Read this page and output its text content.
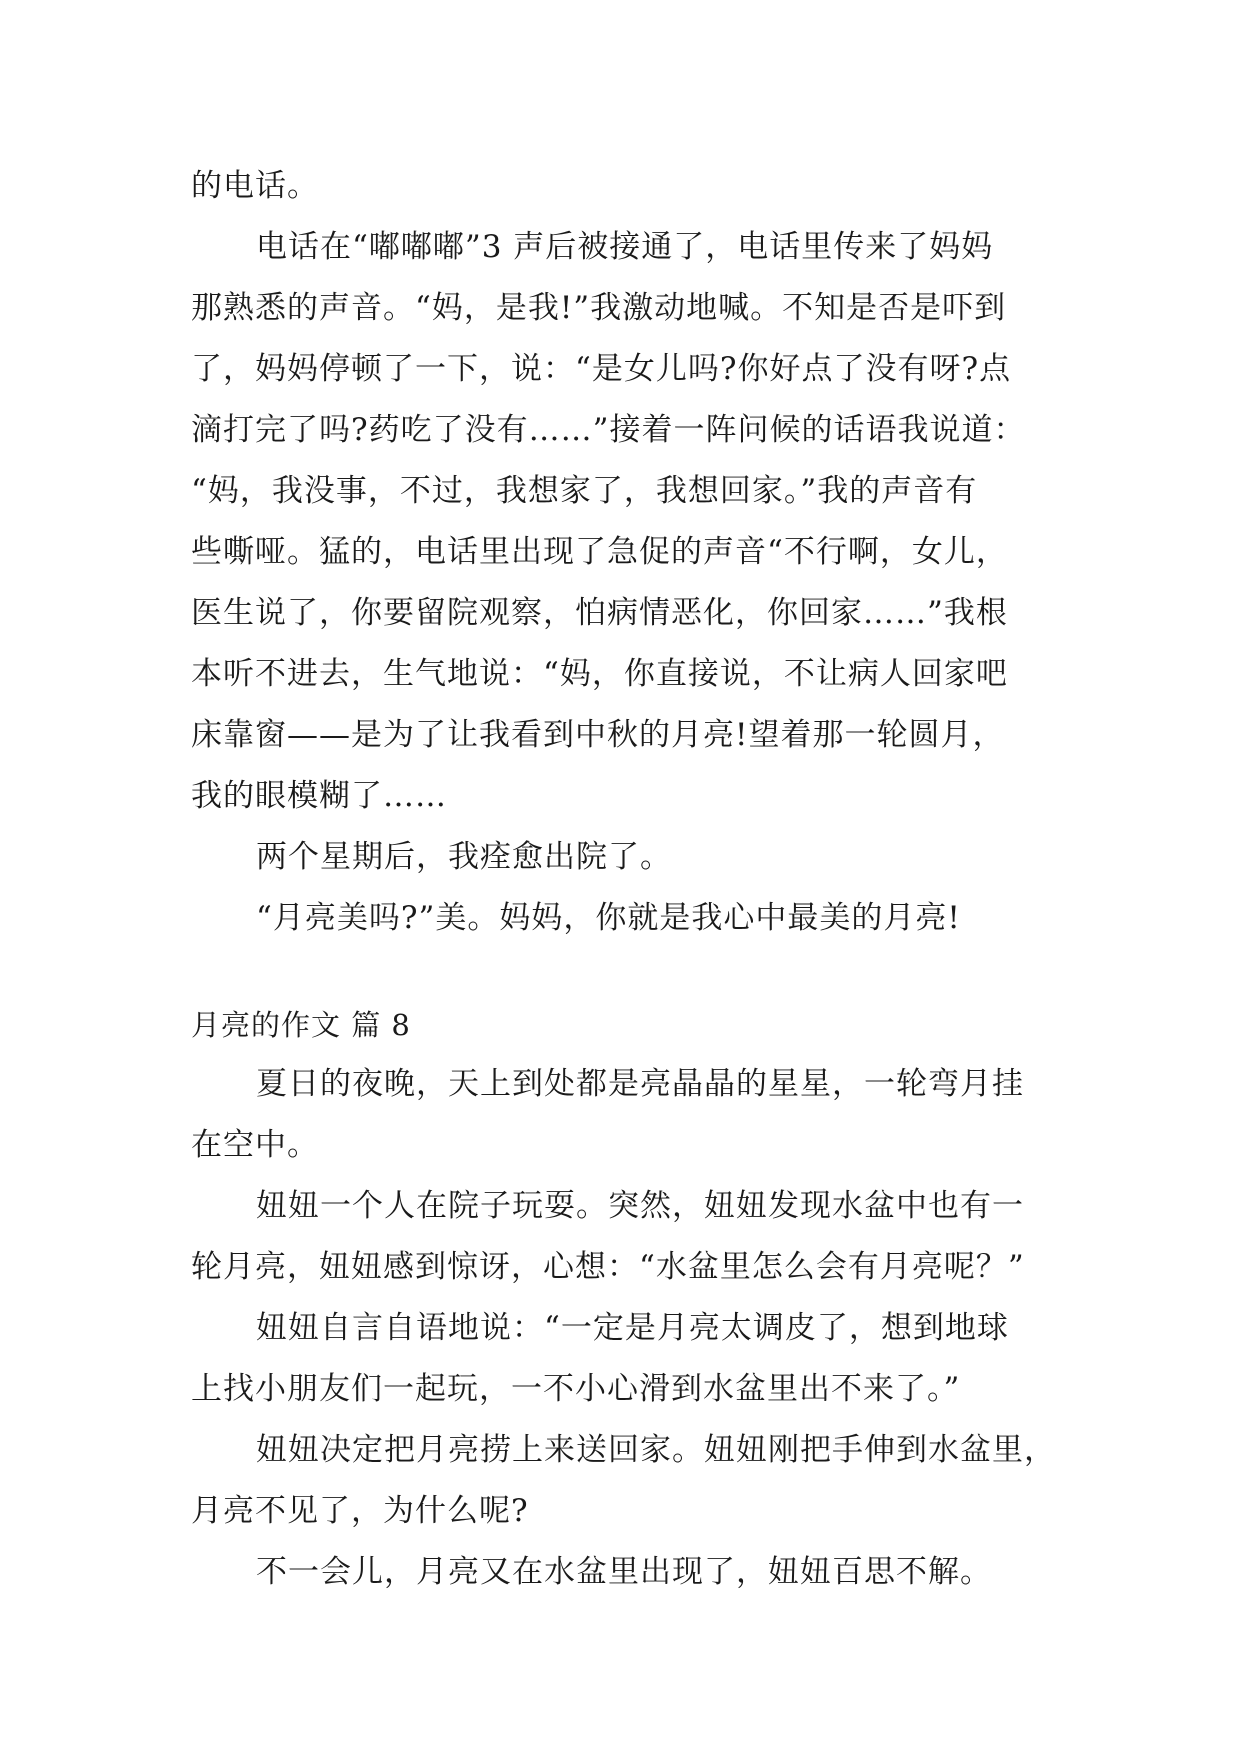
的电话。
电话在“嘟嘟嘟”3 声后被接通了，电话里传来了妈妈
那熟悉的声音。“妈，是我!”我激动地喊。不知是否是吓到
了，妈妈停顿了一下，说：“是女儿吗?你好点了没有呀?点
滴打完了吗?药吃了没有……”接着一阵问候的话语我说道：
“妈，我没事，不过，我想家了，我想回家。”我的声音有
些嘶哑。猛的，电话里出现了急促的声音“不行啊，女儿，
医生说了，你要留院观察，怕病情恶化，你回家……”我根
本听不进去，生气地说：“妈，你直接说，不让病人回家吧
床靠窗——是为了让我看到中秋的月亮!望着那一轮圆月，
我的眼模糊了……
两个星期后，我痊愈出院了。
“月亮美吗?”美。妈妈，你就是我心中最美的月亮!
月亮的作文 篇 8
夏日的夜晚，天上到处都是亮晶晶的星星，一轮弯月挂
在空中。
妞妞一个人在院子玩耍。突然，妞妞发现水盆中也有一
轮月亮，妞妞感到惊讶，心想：“水盆里怎么会有月亮呢？”
妞妞自言自语地说：“一定是月亮太调皮了，想到地球
上找小朋友们一起玩，一不小心滑到水盆里出不来了。”
妞妞决定把月亮捞上来送回家。妞妞刚把手伸到水盆里，
月亮不见了，为什么呢?
不一会儿，月亮又在水盆里出现了，妞妞百思不解。
